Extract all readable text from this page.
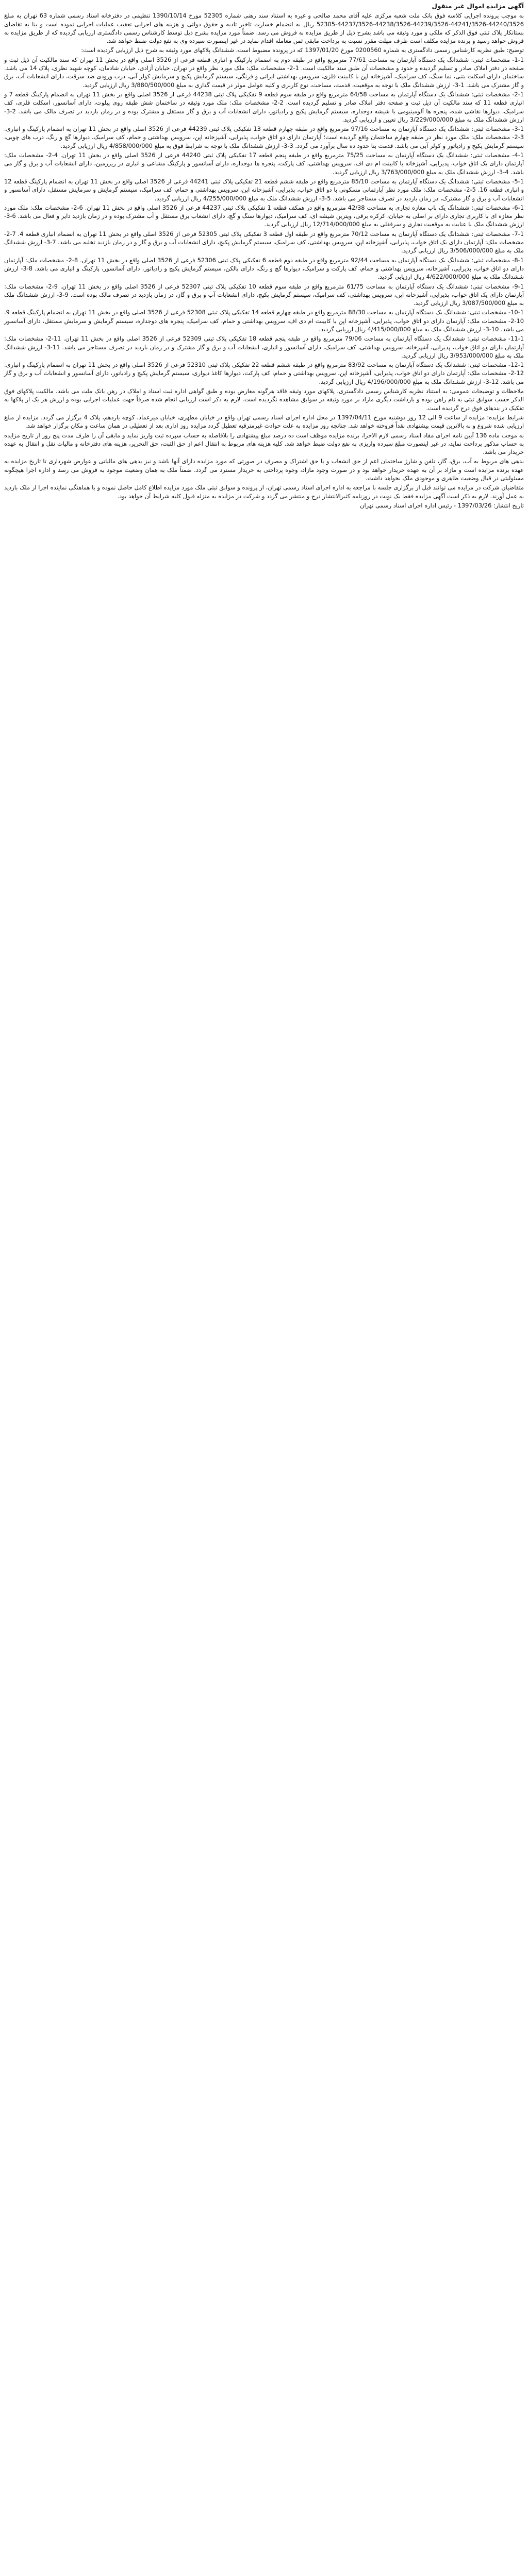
آگهی مزایده اموال غیر منقول

به موجب پرونده اجرایی کلاسه فوق بانک ملت شعبه مرکزی علیه آقای محمد صالحی و غیره به استناد سند رهنی شماره 52305 مورخ 1390/10/14 تنظیمی در دفترخانه اسناد رسمی شماره 63 تهران به مبلغ 44240/3526-44241/3526-44239/3526-44238/3526-44237/3526-52305 ریال به انضمام خسارت تاخیر تادیه و حقوق دولتی و هزینه های اجرایی تعقیب عملیات اجرایی نموده است و بنا به تقاضای بستانکار پلاک ثبتی فوق الذکر که ملکی و مورد وثیقه می باشد بشرح ذیل از طریق مزایده به فروش می رسد. ضمناً مورد مزایده بشرح ذیل توسط کارشناس رسمی دادگستری ارزیابی گردیده که از طریق مزایده به فروش خواهد رسید و برنده مزایده مکلف است ظرف مهلت مقرر نسبت به پرداخت مابقی ثمن معامله اقدام نماید در غیر اینصورت سپرده وی به نفع دولت ضبط خواهد شد.

توضیح: طبق نظریه کارشناس رسمی دادگستری به شماره 0200560 مورخ 1397/01/20 که در پرونده مضبوط است، ششدانگ پلاکهای مورد وثیقه به شرح ذیل ارزیابی گردیده است:

1-1- مشخصات ثبتی: ششدانگ یک دستگاه آپارتمان به مساحت 77/61 مترمربع واقع در طبقه دوم به انضمام پارکینگ و انباری قطعه فرعی از 3526 اصلی واقع در بخش 11 تهران که سند مالکیت آن ذیل ثبت و صفحه در دفتر املاک صادر و تسلیم گردیده و حدود و مشخصات آن طبق سند مالکیت است. 1-2- مشخصات ملک: ملک مورد نظر واقع در تهران، خیابان آزادی، خیابان شادمان، کوچه شهید نظری، پلاک 14 می باشد. ساختمان دارای اسکلت بتنی، نما سنگ، کف سرامیک، آشپزخانه اپن با کابینت فلزی، سرویس بهداشتی ایرانی و فرنگی، سیستم گرمایش پکیج و سرمایش کولر آبی، درب ورودی ضد سرقت، دارای انشعابات آب، برق و گاز مشترک می باشد. 1-3- ارزش ششدانگ ملک با توجه به موقعیت، قدمت، مساحت، نوع کاربری و کلیه عوامل موثر در قیمت گذاری به مبلغ 3/880/500/000 ریال ارزیابی گردید.

2-1- مشخصات ثبتی: ششدانگ یک دستگاه آپارتمان به مساحت 64/58 مترمربع واقع در طبقه سوم قطعه 9 تفکیکی پلاک ثبتی 44238 فرعی از 3526 اصلی واقع در بخش 11 تهران به انضمام پارکینگ قطعه 7 و انباری قطعه 11 که سند مالکیت آن ذیل ثبت و صفحه دفتر املاک صادر و تسلیم گردیده است. 2-2- مشخصات ملک: ملک مورد وثیقه در ساختمان شش طبقه روی پیلوت، دارای آسانسور، اسکلت فلزی، کف سرامیک، دیوارها نقاشی شده، پنجره ها آلومینیومی با شیشه دوجداره، سیستم گرمایش پکیج و رادیاتور، دارای انشعابات آب و برق و گاز مستقل و مشترک بوده و در زمان بازدید در تصرف مالک می باشد. 2-3- ارزش ششدانگ ملک به مبلغ 3/229/000/000 ریال تعیین و ارزیابی گردید.

3-1- مشخصات ثبتی: ششدانگ یک دستگاه آپارتمان به مساحت 97/16 مترمربع واقع در طبقه چهارم قطعه 13 تفکیکی پلاک ثبتی 44239 فرعی از 3526 اصلی واقع در بخش 11 تهران به انضمام پارکینگ و انباری. 3-2- مشخصات ملک: ملک مورد نظر در طبقه چهارم ساختمان واقع گردیده است؛ آپارتمان دارای دو اتاق خواب، پذیرایی، آشپزخانه اپن، سرویس بهداشتی و حمام، کف سرامیک، دیوارها گچ و رنگ، درب های چوبی، سیستم گرمایش پکیج و رادیاتور و کولر آبی می باشد. قدمت بنا حدود ده سال برآورد می گردد. 3-3- ارزش ششدانگ ملک با توجه به شرایط فوق به مبلغ 4/858/000/000 ریال ارزیابی گردید.

4-1- مشخصات ثبتی: ششدانگ یک دستگاه آپارتمان به مساحت 75/25 مترمربع واقع در طبقه پنجم قطعه 17 تفکیکی پلاک ثبتی 44240 فرعی از 3526 اصلی واقع در بخش 11 تهران. 4-2- مشخصات ملک: آپارتمان دارای یک اتاق خواب، پذیرایی، آشپزخانه با کابینت ام دی اف، سرویس بهداشتی، کف پارکت، پنجره ها دوجداره، دارای آسانسور و پارکینگ مشاعی و انباری در زیرزمین، دارای انشعابات آب و برق و گاز می باشد. 4-3- ارزش ششدانگ ملک به مبلغ 3/763/000/000 ریال ارزیابی گردید.

5-1- مشخصات ثبتی: ششدانگ یک دستگاه آپارتمان به مساحت 85/10 مترمربع واقع در طبقه ششم قطعه 21 تفکیکی پلاک ثبتی 44241 فرعی از 3526 اصلی واقع در بخش 11 تهران به انضمام پارکینگ قطعه 12 و انباری قطعه 16. 5-2- مشخصات ملک: ملک مورد نظر آپارتمانی مسکونی با دو اتاق خواب، پذیرایی، آشپزخانه اپن، سرویس بهداشتی و حمام، کف سرامیک، سیستم گرمایش و سرمایش مستقل، دارای آسانسور و انشعابات آب و برق و گاز مشترک، در زمان بازدید در تصرف مستاجر می باشد. 5-3- ارزش ششدانگ ملک به مبلغ 4/255/000/000 ریال ارزیابی گردید.

6-1- مشخصات ثبتی: ششدانگ یک باب مغازه تجاری به مساحت 42/38 مترمربع واقع در همکف قطعه 1 تفکیکی پلاک ثبتی 44237 فرعی از 3526 اصلی واقع در بخش 11 تهران. 6-2- مشخصات ملک: ملک مورد نظر مغازه ای با کاربری تجاری دارای بر اصلی به خیابان، کرکره برقی، ویترین شیشه ای، کف سرامیک، دیوارها سنگ و گچ، دارای انشعاب برق مستقل و آب مشترک بوده و در زمان بازدید دایر و فعال می باشد. 6-3- ارزش ششدانگ ملک با عنایت به موقعیت تجاری و سرقفلی به مبلغ 12/714/000/000 ریال ارزیابی گردید.

7-1- مشخصات ثبتی: ششدانگ یک دستگاه آپارتمان به مساحت 70/12 مترمربع واقع در طبقه اول قطعه 3 تفکیکی پلاک ثبتی 52305 فرعی از 3526 اصلی واقع در بخش 11 تهران به انضمام انباری قطعه 4. 7-2- مشخصات ملک: آپارتمان دارای یک اتاق خواب، پذیرایی، آشپزخانه اپن، سرویس بهداشتی، کف سرامیک، سیستم گرمایش پکیج، دارای انشعابات آب و برق و گاز و در زمان بازدید تخلیه می باشد. 7-3- ارزش ششدانگ ملک به مبلغ 3/506/000/000 ریال ارزیابی گردید.

8-1- مشخصات ثبتی: ششدانگ یک دستگاه آپارتمان به مساحت 92/44 مترمربع واقع در طبقه دوم قطعه 6 تفکیکی پلاک ثبتی 52306 فرعی از 3526 اصلی واقع در بخش 11 تهران. 8-2- مشخصات ملک: آپارتمان دارای دو اتاق خواب، پذیرایی، آشپزخانه، سرویس بهداشتی و حمام، کف پارکت و سرامیک، دیوارها گچ و رنگ، دارای بالکن، سیستم گرمایش پکیج و رادیاتور، دارای آسانسور، پارکینگ و انباری می باشد. 8-3- ارزش ششدانگ ملک به مبلغ 4/622/000/000 ریال ارزیابی گردید.

9-1- مشخصات ثبتی: ششدانگ یک دستگاه آپارتمان به مساحت 61/75 مترمربع واقع در طبقه سوم قطعه 10 تفکیکی پلاک ثبتی 52307 فرعی از 3526 اصلی واقع در بخش 11 تهران. 9-2- مشخصات ملک: آپارتمان دارای یک اتاق خواب، پذیرایی، آشپزخانه اپن، سرویس بهداشتی، کف سرامیک، سیستم گرمایش پکیج، دارای انشعابات آب و برق و گاز، در زمان بازدید در تصرف مالک بوده است. 9-3- ارزش ششدانگ ملک به مبلغ 3/087/500/000 ریال ارزیابی گردید.

10-1- مشخصات ثبتی: ششدانگ یک دستگاه آپارتمان به مساحت 88/30 مترمربع واقع در طبقه چهارم قطعه 14 تفکیکی پلاک ثبتی 52308 فرعی از 3526 اصلی واقع در بخش 11 تهران به انضمام پارکینگ قطعه 9. 10-2- مشخصات ملک: آپارتمان دارای دو اتاق خواب، پذیرایی، آشپزخانه اپن با کابینت ام دی اف، سرویس بهداشتی و حمام، کف سرامیک، پنجره های دوجداره، سیستم گرمایش و سرمایش مستقل، دارای آسانسور می باشد. 10-3- ارزش ششدانگ ملک به مبلغ 4/415/000/000 ریال ارزیابی گردید.

11-1- مشخصات ثبتی: ششدانگ یک دستگاه آپارتمان به مساحت 79/06 مترمربع واقع در طبقه پنجم قطعه 18 تفکیکی پلاک ثبتی 52309 فرعی از 3526 اصلی واقع در بخش 11 تهران. 11-2- مشخصات ملک: آپارتمان دارای دو اتاق خواب، پذیرایی، آشپزخانه، سرویس بهداشتی، کف سرامیک، دارای آسانسور و انباری، انشعابات آب و برق و گاز مشترک و در زمان بازدید در تصرف مستاجر می باشد. 11-3- ارزش ششدانگ ملک به مبلغ 3/953/000/000 ریال ارزیابی گردید.

12-1- مشخصات ثبتی: ششدانگ یک دستگاه آپارتمان به مساحت 83/92 مترمربع واقع در طبقه ششم قطعه 22 تفکیکی پلاک ثبتی 52310 فرعی از 3526 اصلی واقع در بخش 11 تهران به انضمام پارکینگ و انباری. 12-2- مشخصات ملک: آپارتمان دارای دو اتاق خواب، پذیرایی، آشپزخانه اپن، سرویس بهداشتی و حمام، کف پارکت، دیوارها کاغذ دیواری، سیستم گرمایش پکیج و رادیاتور، دارای آسانسور و انشعابات آب و برق و گاز می باشد. 12-3- ارزش ششدانگ ملک به مبلغ 4/196/000/000 ریال ارزیابی گردید.

ملاحظات و توضیحات عمومی: به استناد نظریه کارشناس رسمی دادگستری، پلاکهای مورد وثیقه فاقد هرگونه معارض بوده و طبق گواهی اداره ثبت اسناد و املاک در رهن بانک ملت می باشد. مالکیت پلاکهای فوق الذکر حسب سوابق ثبتی به نام راهن بوده و بازداشت دیگری مازاد بر مورد وثیقه در سوابق مشاهده نگردیده است. لازم به ذکر است ارزیابی انجام شده صرفاً جهت عملیات اجرایی بوده و ارزش هر یک از پلاکها به تفکیک در بندهای فوق درج گردیده است.

شرایط مزایده: مزایده از ساعت 9 الی 12 روز دوشنبه مورخ 1397/04/11 در محل اداره اجرای اسناد رسمی تهران واقع در خیابان مطهری، خیابان میرعماد، کوچه یازدهم، پلاک 4 برگزار می گردد. مزایده از مبلغ ارزیابی شده شروع و به بالاترین قیمت پیشنهادی نقداً فروخته خواهد شد. چنانچه روز مزایده به علت حوادث غیرمترقبه تعطیل گردد مزایده روز اداری بعد از تعطیلی در همان ساعت و مکان برگزار خواهد شد.

به موجب ماده 136 آیین نامه اجرای مفاد اسناد رسمی لازم الاجرا، برنده مزایده موظف است ده درصد مبلغ پیشنهادی را بلافاصله به حساب سپرده ثبت واریز نماید و مابقی آن را ظرف مدت پنج روز از تاریخ مزایده به حساب مذکور پرداخت نماید، در غیر اینصورت مبلغ سپرده واریزی به نفع دولت ضبط خواهد شد. کلیه هزینه های مربوط به انتقال اعم از حق الثبت، حق التحریر، هزینه های دفترخانه و مالیات نقل و انتقال به عهده خریدار می باشد.

بدهی های مربوط به آب، برق، گاز، تلفن و شارژ ساختمان اعم از حق انشعاب و یا حق اشتراک و مصرف در صورتی که مورد مزایده دارای آنها باشد و نیز بدهی های مالیاتی و عوارض شهرداری تا تاریخ مزایده به عهده برنده مزایده است و مازاد بر آن به عهده خریدار خواهد بود و در صورت وجود مازاد، وجوه پرداختی به خریدار مسترد می گردد. ضمناً ملک به همان وضعیت موجود به فروش می رسد و اداره اجرا هیچگونه مسئولیتی در قبال وضعیت ظاهری و موجودی ملک نخواهد داشت.

متقاضیان شرکت در مزایده می توانند قبل از برگزاری جلسه با مراجعه به اداره اجرای اسناد رسمی تهران، از پرونده و سوابق ثبتی ملک مورد مزایده اطلاع کامل حاصل نموده و با هماهنگی نماینده اجرا از ملک بازدید به عمل آورند. لازم به ذکر است آگهی مزایده فقط یک نوبت در روزنامه کثیرالانتشار درج و منتشر می گردد و شرکت در مزایده به منزله قبول کلیه شرایط آن خواهد بود.

تاریخ انتشار: 1397/03/26 - رئیس اداره اجرای اسناد رسمی تهران
